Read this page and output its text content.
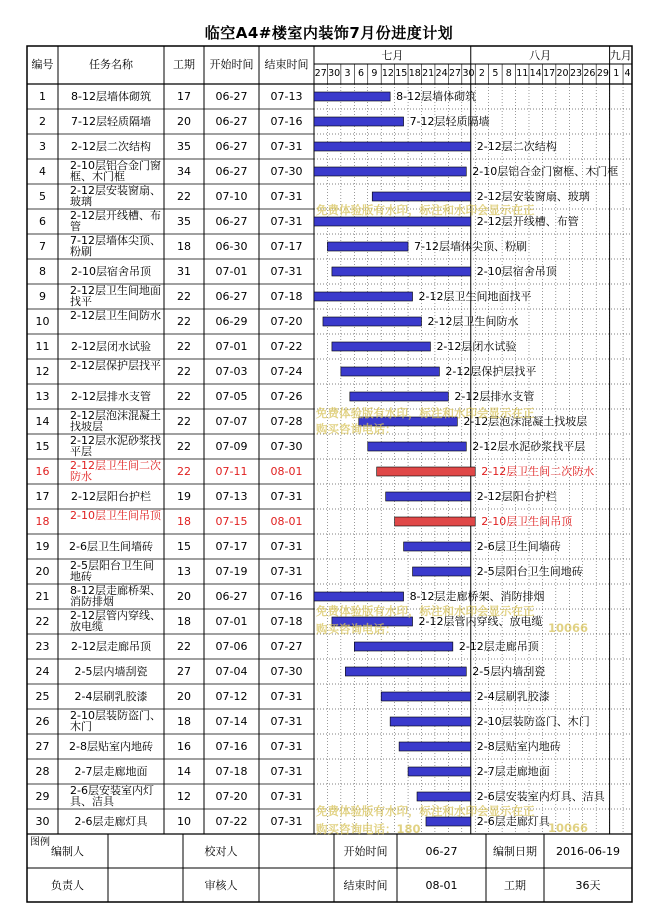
临空A4#楼室内装饰7月份进度计划
编号	任务名称	工期	开始时间	结束时间
七月	八月	九月
27 30 3 6 9 12 15 18 21 24 27 30 2 5 8 11 14 17 20 23 26 29 1 4
1	8-12层墙体砌筑	17	06-27	07-13	8-12层墙体砌筑
2	7-12层轻质隔墙	20	06-27	07-16	7-12层轻质隔墙
3	2-12层二次结构	35	06-27	07-31	2-12层二次结构
4	2-10层铝合金门窗框、木门框	34	06-27	07-30	2-10层铝合金门窗框、木门框
5	2-12层安装窗扇、玻璃	22	07-10	07-31	2-12层安装窗扇、玻璃
6	2-12层开线槽、布管	35	06-27	07-31	2-12层开线槽、布管
7	7-12层墙体尖顶、粉刷	18	06-30	07-17	7-12层墙体尖顶、粉刷
8	2-10层宿舍吊顶	31	07-01	07-31	2-10层宿舍吊顶
9	2-12层卫生间地面找平	22	06-27	07-18	2-12层卫生间地面找平
10	2-12层卫生间防水	22	06-29	07-20	2-12层卫生间防水
11	2-12层闭水试验	22	07-01	07-22	2-12层闭水试验
12	2-12层保护层找平	22	07-03	07-24	2-12层保护层找平
13	2-12层排水支管	22	07-05	07-26	2-12层排水支管
14	2-12层泡沫混凝土找坡层	22	07-07	07-28	2-12层泡沫混凝土找坡层
15	2-12层水泥砂浆找平层	22	07-09	07-30	2-12层水泥砂浆找平层
16	2-12层卫生间二次防水	22	07-11	08-01	2-12层卫生间二次防水
17	2-12层阳台护栏	19	07-13	07-31	2-12层阳台护栏
18	2-10层卫生间吊顶	18	07-15	08-01	2-10层卫生间吊顶
19	2-6层卫生间墙砖	15	07-17	07-31	2-6层卫生间墙砖
20	2-5层阳台卫生间地砖	13	07-19	07-31	2-5层阳台卫生间地砖
21	8-12层走廊桥架、消防排烟	20	06-27	07-16	8-12层走廊桥架、消防排烟
22	2-12层管内穿线、放电缆	18	07-01	07-18	2-12层管内穿线、放电缆
23	2-12层走廊吊顶	22	07-06	07-27	2-12层走廊吊顶
24	2-5层内墙刮瓷	27	07-04	07-30	2-5层内墙刮瓷
25	2-4层刷乳胶漆	20	07-12	07-31	2-4层刷乳胶漆
26	2-10层装防盗门、木门	18	07-14	07-31	2-10层装防盗门、木门
27	2-8层贴室内地砖	16	07-16	07-31	2-8层贴室内地砖
28	2-7层走廊地面	14	07-18	07-31	2-7层走廊地面
29	2-6层安装室内灯具、洁具	12	07-20	07-31	2-6层安装室内灯具、洁具
30	2-6层走廊灯具	10	07-22	07-31	2-6层走廊灯具
图例
编制人	校对人	开始时间	06-27	编制日期	2016-06-19
负责人	审核人	结束时间	08-01	工期	36天
免费体验版有水印，标注和水印会显示在正
免费体验版有水印，标注和水印会显示在正
购买咨询电话：
免费体验版有水印，标注和水印会显示在正
购买咨询电话：	10066
免费体验版有水印，标注和水印会显示在正
购买咨询电话：180	10066
